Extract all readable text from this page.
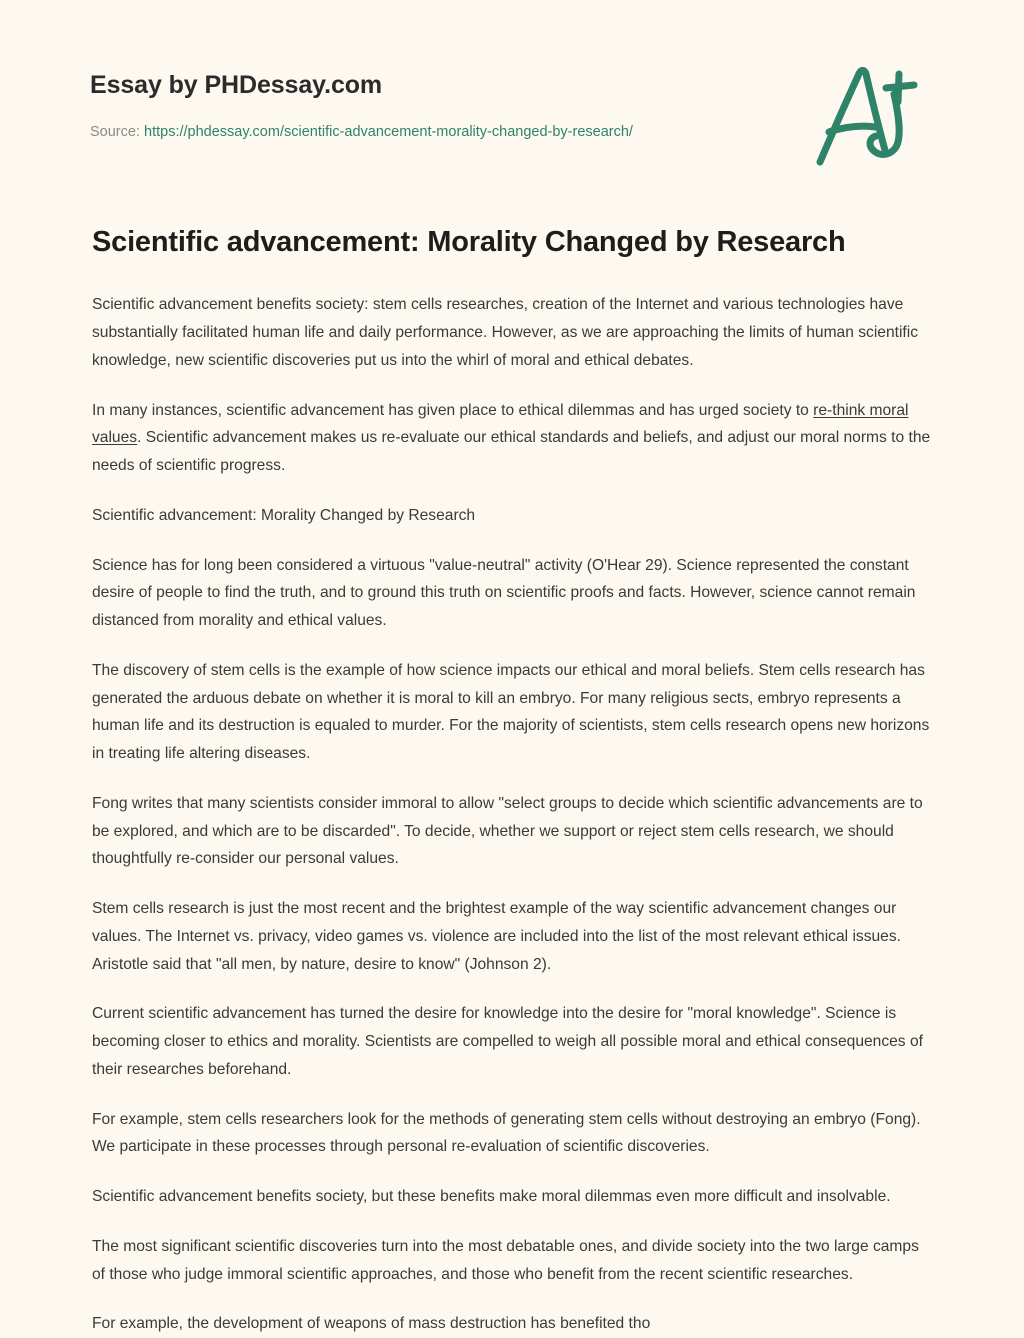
Essay by PHDessay.com
Source: https://phdessay.com/scientific-advancement-morality-changed-by-research/
Scientific advancement: Morality Changed by Research

Scientific advancement benefits society: stem cells researches, creation of the Internet and various technologies have substantially facilitated human life and daily performance. However, as we are approaching the limits of human scientific knowledge, new scientific discoveries put us into the whirl of moral and ethical debates.

In many instances, scientific advancement has given place to ethical dilemmas and has urged society to re-think moral values. Scientific advancement makes us re-evaluate our ethical standards and beliefs, and adjust our moral norms to the needs of scientific progress.

Scientific advancement: Morality Changed by Research

Science has for long been considered a virtuous "value-neutral" activity (O'Hear 29). Science represented the constant desire of people to find the truth, and to ground this truth on scientific proofs and facts. However, science cannot remain distanced from morality and ethical values.

The discovery of stem cells is the example of how science impacts our ethical and moral beliefs. Stem cells research has generated the arduous debate on whether it is moral to kill an embryo. For many religious sects, embryo represents a human life and its destruction is equaled to murder. For the majority of scientists, stem cells research opens new horizons in treating life altering diseases.

Fong writes that many scientists consider immoral to allow "select groups to decide which scientific advancements are to be explored, and which are to be discarded". To decide, whether we support or reject stem cells research, we should thoughtfully re-consider our personal values.

Stem cells research is just the most recent and the brightest example of the way scientific advancement changes our values. The Internet vs. privacy, video games vs. violence are included into the list of the most relevant ethical issues. Aristotle said that "all men, by nature, desire to know" (Johnson 2).

Current scientific advancement has turned the desire for knowledge into the desire for "moral knowledge". Science is becoming closer to ethics and morality. Scientists are compelled to weigh all possible moral and ethical consequences of their researches beforehand.

For example, stem cells researchers look for the methods of generating stem cells without destroying an embryo (Fong). We participate in these processes through personal re-evaluation of scientific discoveries.

Scientific advancement benefits society, but these benefits make moral dilemmas even more difficult and insolvable.

The most significant scientific discoveries turn into the most debatable ones, and divide society into the two large camps of those who judge immoral scientific approaches, and those who benefit from the recent scientific researches.

For example, the development of weapons of mass destruction has benefited tho
